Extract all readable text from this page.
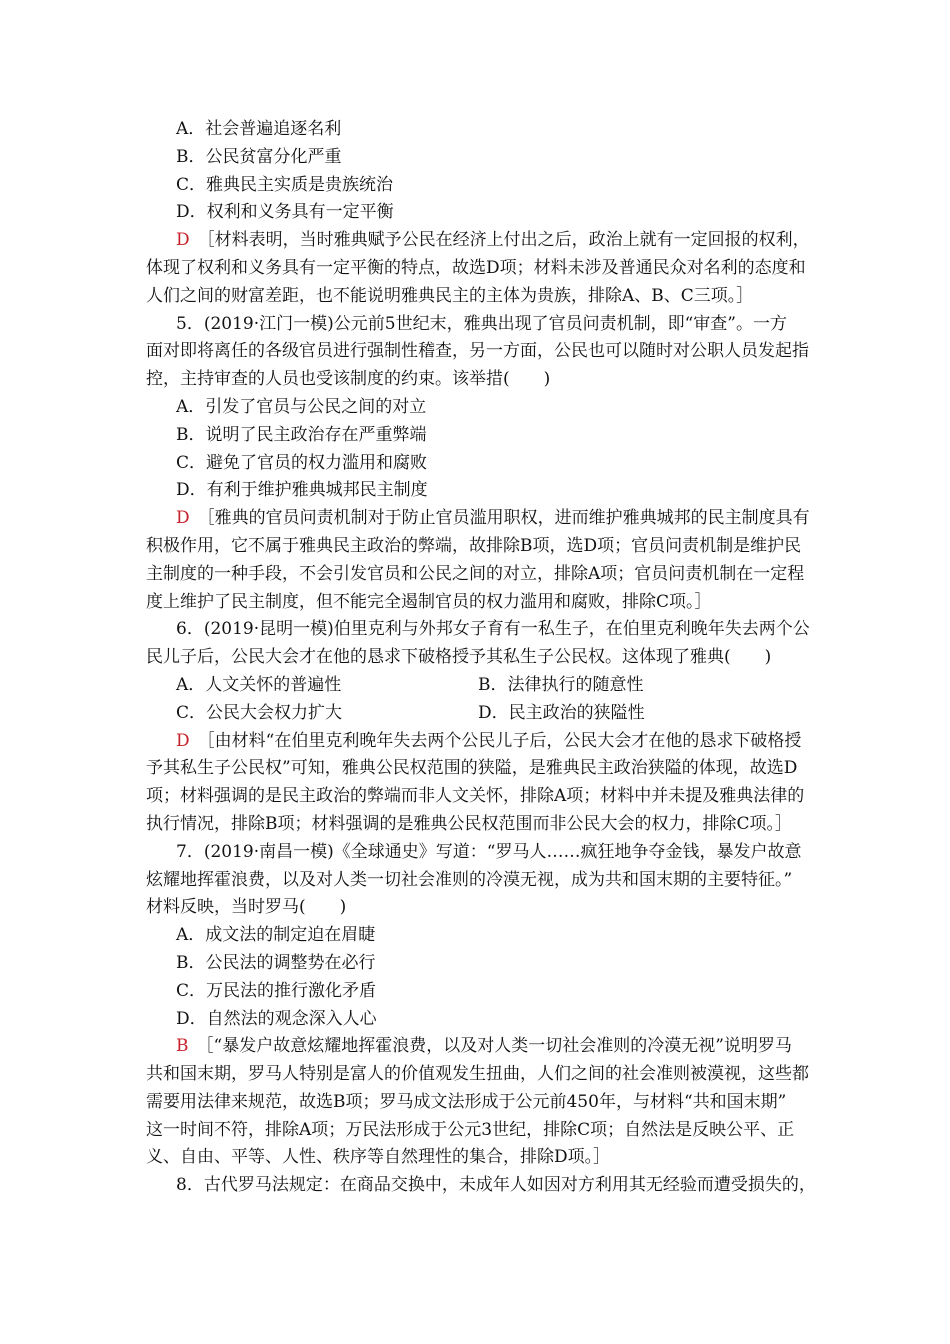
A．社会普遍追逐名利
B．公民贫富分化严重
C．雅典民主实质是贵族统治
D．权利和义务具有一定平衡
D ［材料表明，当时雅典赋予公民在经济上付出之后，政治上就有一定回报的权利，
体现了权利和义务具有一定平衡的特点，故选D项；材料未涉及普通民众对名利的态度和
人们之间的财富差距，也不能说明雅典民主的主体为贵族，排除A、B、C三项。］
5．(2019·江门一模)公元前5世纪末，雅典出现了官员问责机制，即“审查”。一方
面对即将离任的各级官员进行强制性稽查，另一方面，公民也可以随时对公职人员发起指
控，主持审查的人员也受该制度的约束。该举措(　　)
A．引发了官员与公民之间的对立
B．说明了民主政治存在严重弊端
C．避免了官员的权力滥用和腐败
D．有利于维护雅典城邦民主制度
D ［雅典的官员问责机制对于防止官员滥用职权，进而维护雅典城邦的民主制度具有
积极作用，它不属于雅典民主政治的弊端，故排除B项，选D项；官员问责机制是维护民
主制度的一种手段，不会引发官员和公民之间的对立，排除A项；官员问责机制在一定程
度上维护了民主制度，但不能完全遏制官员的权力滥用和腐败，排除C项。］
6．(2019·昆明一模)伯里克利与外邦女子育有一私生子，在伯里克利晚年失去两个公
民儿子后，公民大会才在他的恳求下破格授予其私生子公民权。这体现了雅典(　　)
A．人文关怀的普遍性	B．法律执行的随意性
C．公民大会权力扩大	D．民主政治的狭隘性
D ［由材料“在伯里克利晚年失去两个公民儿子后，公民大会才在他的恳求下破格授
予其私生子公民权”可知，雅典公民权范围的狭隘，是雅典民主政治狭隘的体现，故选D
项；材料强调的是民主政治的弊端而非人文关怀，排除A项；材料中并未提及雅典法律的
执行情况，排除B项；材料强调的是雅典公民权范围而非公民大会的权力，排除C项。］
7．(2019·南昌一模)《全球通史》写道：“罗马人……疯狂地争夺金钱，暴发户故意
炫耀地挥霍浪费，以及对人类一切社会准则的冷漠无视，成为共和国末期的主要特征。”
材料反映，当时罗马(　　)
A．成文法的制定迫在眉睫
B．公民法的调整势在必行
C．万民法的推行激化矛盾
D．自然法的观念深入人心
B ［“暴发户故意炫耀地挥霍浪费，以及对人类一切社会准则的冷漠无视”说明罗马
共和国末期，罗马人特别是富人的价值观发生扭曲，人们之间的社会准则被漠视，这些都
需要用法律来规范，故选B项；罗马成文法形成于公元前450年，与材料“共和国末期”
这一时间不符，排除A项；万民法形成于公元3世纪，排除C项；自然法是反映公平、正
义、自由、平等、人性、秩序等自然理性的集合，排除D项。］
8．古代罗马法规定：在商品交换中，未成年人如因对方利用其无经验而遭受损失的，
